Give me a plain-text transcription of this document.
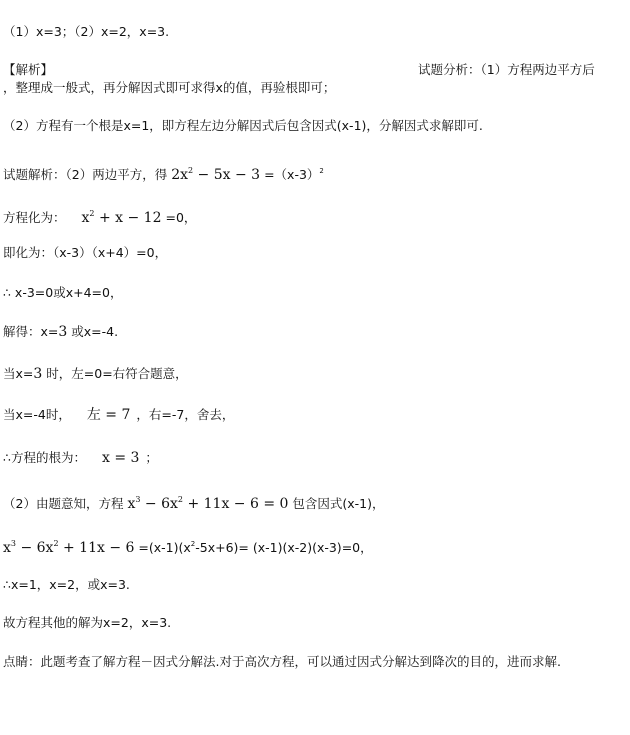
（1）x=3；（2）x=2，x=3.
【解析】	试题分析：（1）方程两边平方后
，整理成一般式，再分解因式即可求得x的值，再验根即可；
（2）方程有一个根是x=1，即方程左边分解因式后包含因式(x-1)，分解因式求解即可.
试题解析：（2）两边平方，得 $2x^2 - 5x - 3 =(x-3)^2$
方程化为： $x^2 + x - 12 =0$，
即化为：（x-3）（x+4）=0，
∴ x-3=0或x+4=0，
解得：x=3 或x=-4.
当x=3 时，左=0=右符合题意，
当x=-4时， 左 = 7 ，右=-7，舍去，
∴方程的根为： x = 3 ；
（2）由题意知，方程 $x^3 - 6x^2 + 11x - 6 = 0$ 包含因式(x-1)，
$x^3 - 6x^2 + 11x - 6 =(x-1)(x^2-5x+6)= (x-1)(x-2)(x-3)=0$，
∴x=1，x=2，或x=3.
故方程其他的解为x=2，x=3.
点睛：此题考查了解方程－因式分解法.对于高次方程，可以通过因式分解达到降次的目的，进而求解.
